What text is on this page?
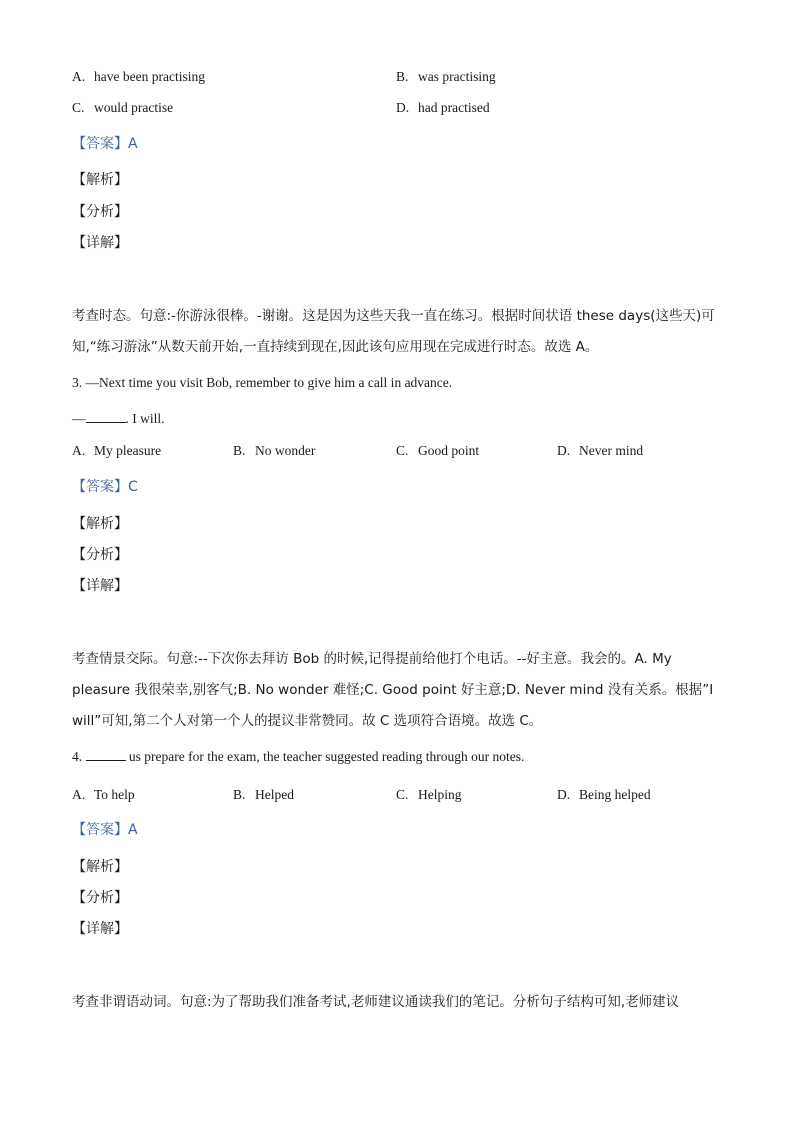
A. have been practising	B. was practising
C. would practise	D. had practised
【答案】A
【解析】
【分析】
【详解】
考查时态。句意:-你游泳很棒。-谢谢。这是因为这些天我一直在练习。根据时间状语 these days(这些天)可知,“练习游泳”从数天前开始,一直持续到现在,因此该句应用现在完成进行时态。故选 A。
3. —Next time you visit Bob, remember to give him a call in advance.
—	. I will.
A. My pleasure	B. No wonder	C. Good point	D. Never mind
【答案】C
【解析】
【分析】
【详解】
考查情景交际。句意:--下次你去拜访 Bob 的时候,记得提前给他打个电话。--好主意。我会的。A. My pleasure 我很荣幸,别客气;B. No wonder 难怪;C. Good point 好主意;D. Never mind 没有关系。根据”I will”可知,第二个人对第一个人的提议非常赞同。故 C 选项符合语境。故选 C。
4.	us prepare for the exam, the teacher suggested reading through our notes.
A. To help	B. Helped	C. Helping	D. Being helped
【答案】A
【解析】
【分析】
【详解】
考查非谓语动词。句意:为了帮助我们准备考试,老师建议通读我们的笔记。分析句子结构可知,老师建议
